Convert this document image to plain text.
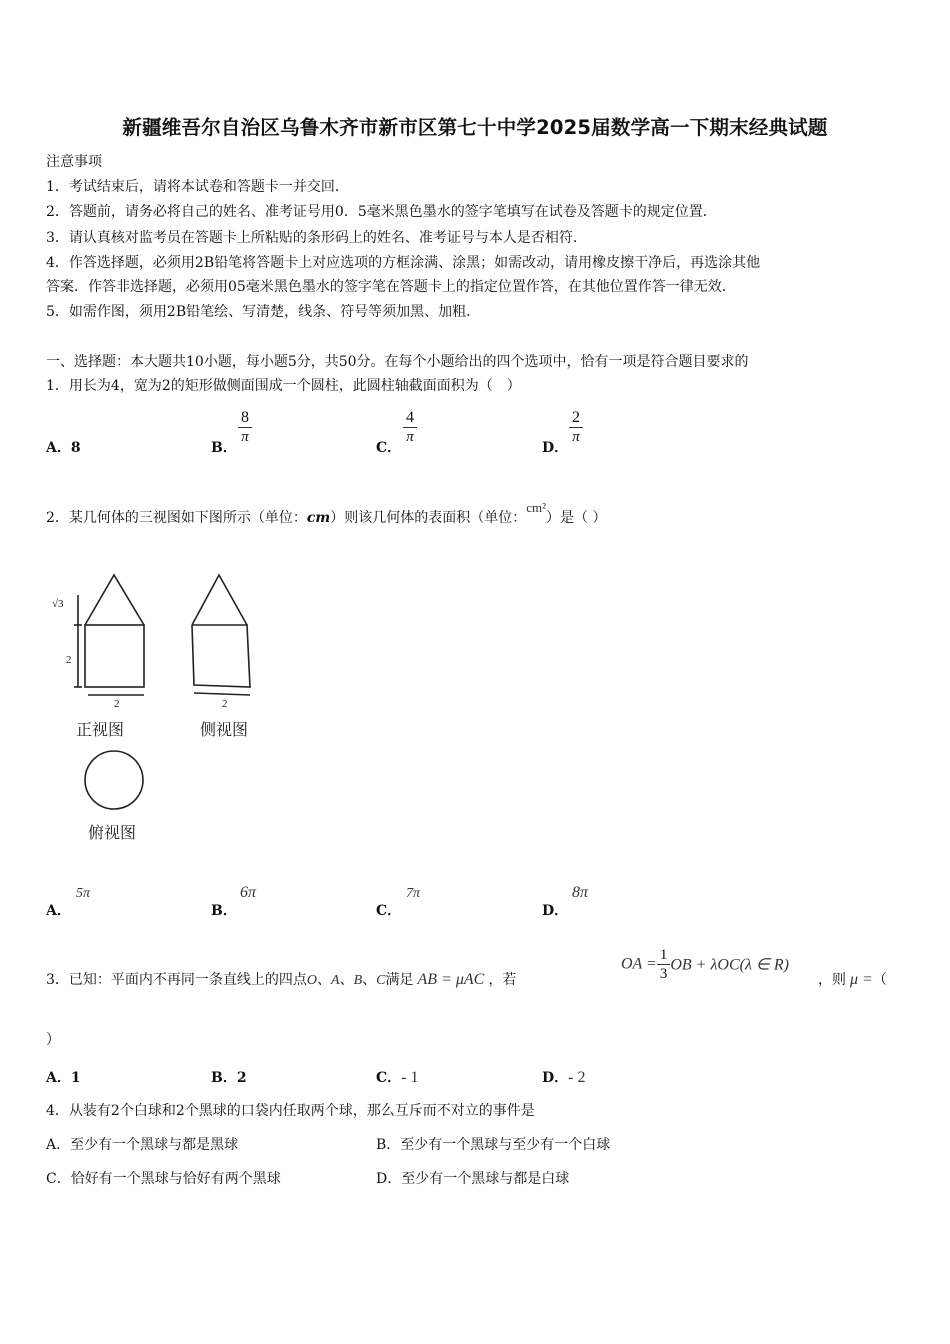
新疆维吾尔自治区乌鲁木齐市新市区第七十中学2025届数学高一下期末经典试题
注意事项
1．考试结束后，请将本试卷和答题卡一并交回．
2．答题前，请务必将自己的姓名、准考证号用0．5毫米黑色墨水的签字笔填写在试卷及答题卡的规定位置．
3．请认真核对监考员在答题卡上所粘贴的条形码上的姓名、准考证号与本人是否相符．
4．作答选择题，必须用2B铅笔将答题卡上对应选项的方框涂满、涂黑；如需改动，请用橡皮擦干净后，再选涂其他
答案．作答非选择题，必须用05毫米黑色墨水的签字笔在答题卡上的指定位置作答，在其他位置作答一律无效．
5．如需作图，须用2B铅笔绘、写清楚，线条、符号等须加黑、加粗．
一、选择题：本大题共10小题，每小题5分，共50分。在每个小题给出的四个选项中，恰有一项是符合题目要求的
1．用长为4，宽为2的矩形做侧面围成一个圆柱，此圆柱轴截面面积为（　）
A．8	B．
$\frac{8}{\pi}$
C．
$\frac{4}{\pi}$
D．
$\frac{2}{\pi}$
2．某几何体的三视图如下图所示（单位：cm）则该几何体的表面积（单位：cm²）是（ ）
√3
2
2	2
正视图	侧视图
俯视图
A．
5π
B．
6π
C．
7π
D．
8π
3．已知：平面内不再同一条直线上的四点O、A、B、C满足 AB = μAC ，若
OA = $\frac{1}{3}$ OB + λOC(λ ∈ R)
，则 μ =（
）
A．1	B．2	C．- 1	D．- 2
4．从装有2个白球和2个黑球的口袋内任取两个球，那么互斥而不对立的事件是
A．至少有一个黑球与都是黑球	B．至少有一个黑球与至少有一个白球
C．恰好有一个黑球与恰好有两个黑球	D．至少有一个黑球与都是白球
